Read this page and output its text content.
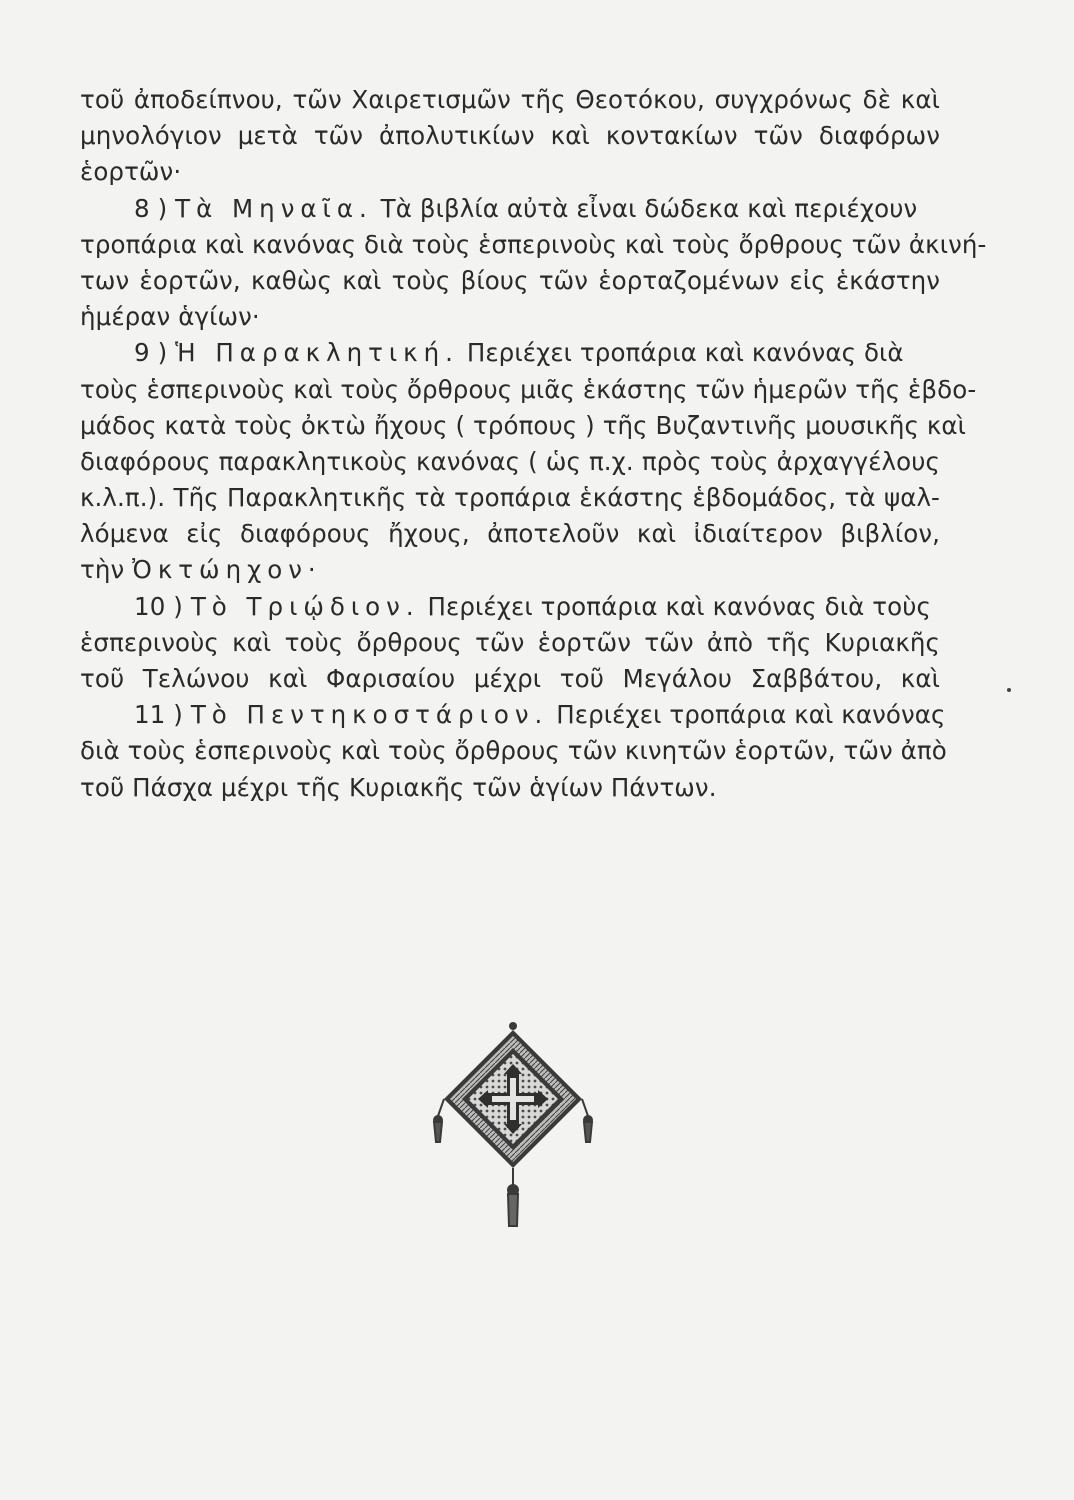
τοῦ ἀποδείπνου, τῶν Χαιρετισμῶν τῆς Θεοτόκου, συγχρόνως δὲ καὶ
μηνολόγιον μετὰ τῶν ἀπολυτικίων καὶ κοντακίων τῶν διαφόρων
ἑορτῶν·
8 ) Τὰ Μηναῖα. Τὰ βιβλία αὐτὰ εἶναι δώδεκα καὶ περιέχουν
τροπάρια καὶ κανόνας διὰ τοὺς ἑσπερινοὺς καὶ τοὺς ὄρθρους τῶν ἀκινή-
των ἑορτῶν, καθὼς καὶ τοὺς βίους τῶν ἑορταζομένων εἰς ἑκάστην
ἡμέραν ἁγίων·
9 ) Ἡ Παρακλητική. Περιέχει τροπάρια καὶ κανόνας διὰ
τοὺς ἑσπερινοὺς καὶ τοὺς ὄρθρους μιᾶς ἑκάστης τῶν ἡμερῶν τῆς ἑβδο-
μάδος κατὰ τοὺς ὀκτὼ ἤχους ( τρόπους ) τῆς Βυζαντινῆς μουσικῆς καὶ
διαφόρους παρακλητικοὺς κανόνας ( ὡς π.χ. πρὸς τοὺς ἀρχαγγέλους
κ.λ.π.). Τῆς Παρακλητικῆς τὰ τροπάρια ἑκάστης ἑβδομάδος, τὰ ψαλ-
λόμενα εἰς διαφόρους ἤχους, ἀποτελοῦν καὶ ἰδιαίτερον βιβλίον,
τὴν Ὀκτώηχον·
10 ) Τὸ Τριῴδιον. Περιέχει τροπάρια καὶ κανόνας διὰ τοὺς
ἑσπερινοὺς καὶ τοὺς ὄρθρους τῶν ἑορτῶν τῶν ἀπὸ τῆς Κυριακῆς
τοῦ Τελώνου καὶ Φαρισαίου μέχρι τοῦ Μεγάλου Σαββάτου, καὶ
11 ) Τὸ Πεντηκοστάριον. Περιέχει τροπάρια καὶ κανόνας
διὰ τοὺς ἑσπερινοὺς καὶ τοὺς ὄρθρους τῶν κινητῶν ἑορτῶν, τῶν ἀπὸ
τοῦ Πάσχα μέχρι τῆς Κυριακῆς τῶν ἁγίων Πάντων.
